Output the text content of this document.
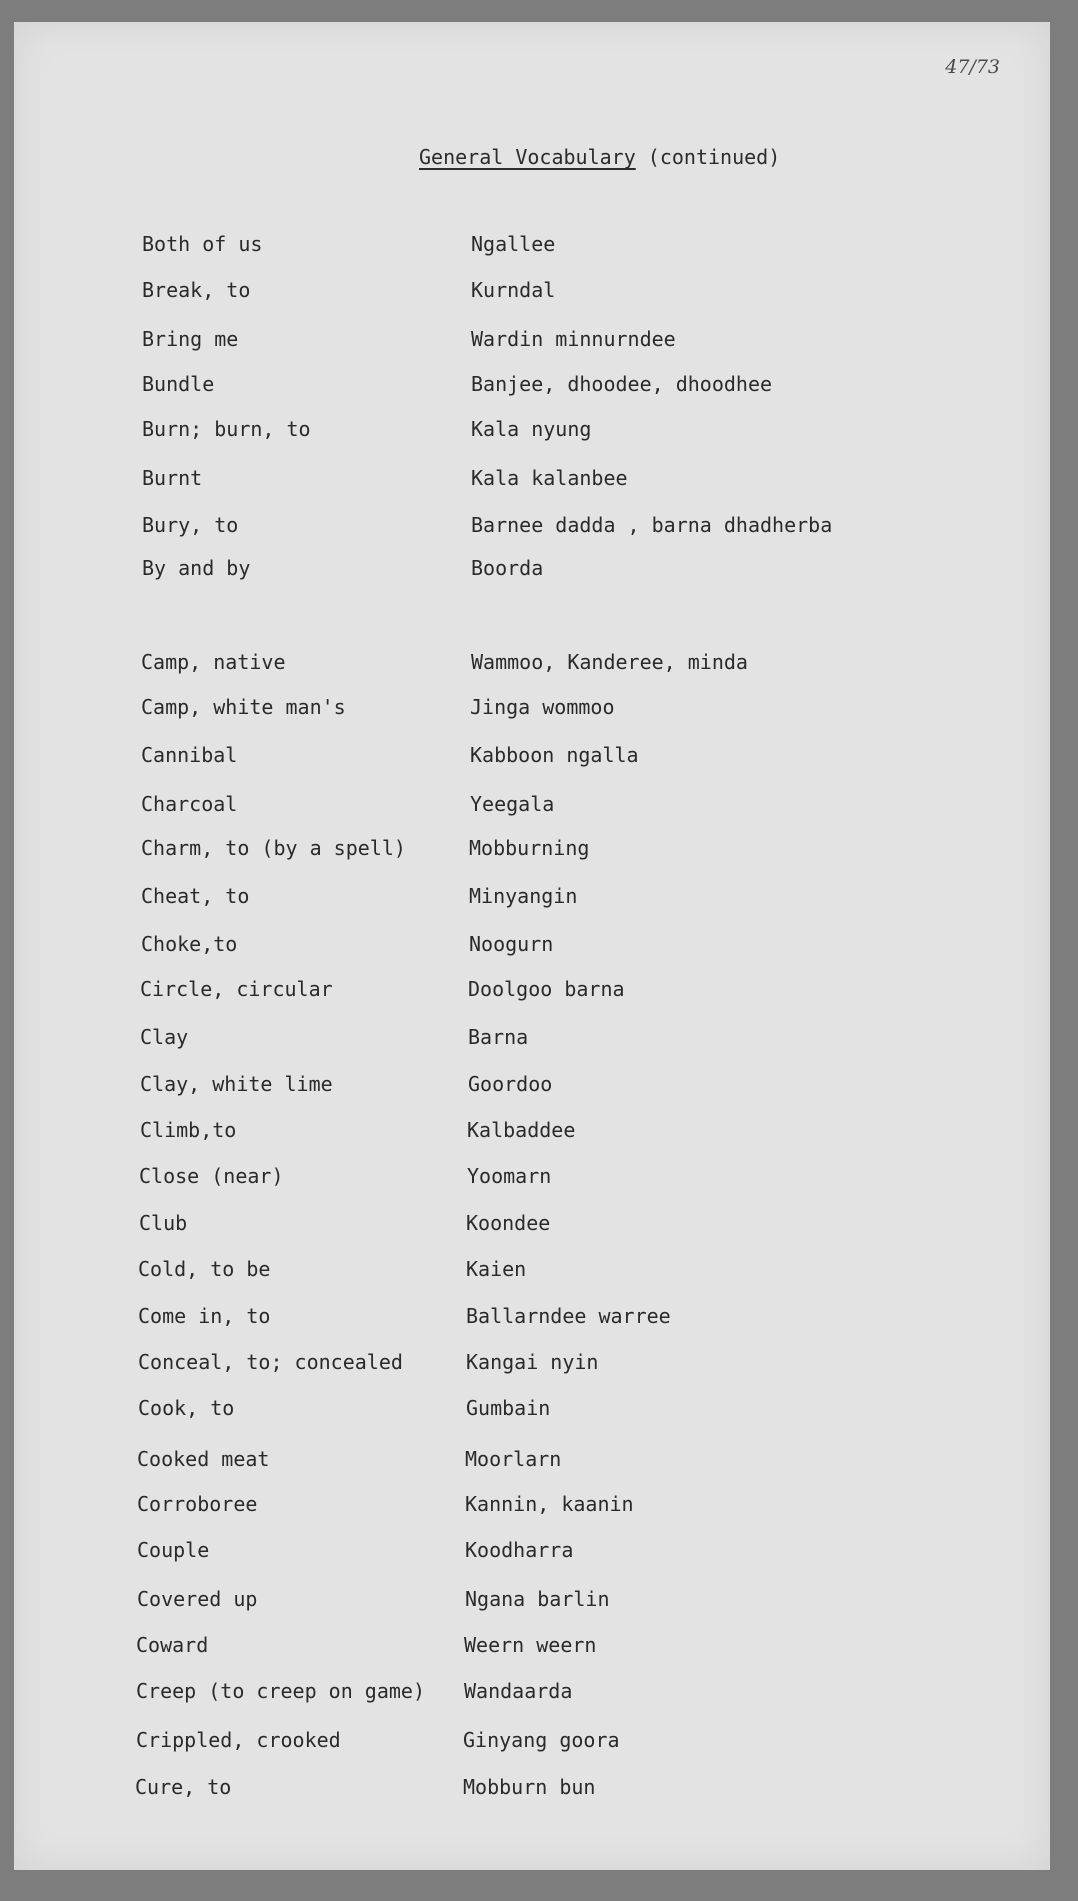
47/73
General Vocabulary (continued)
Both of us	Ngallee
Break, to	Kurndal
Bring me	Wardin minnurndee
Bundle	Banjee, dhoodee, dhoodhee
Burn; burn, to	Kala nyung
Burnt	Kala kalanbee
Bury, to	Barnee dadda , barna dhadherba
By and by	Boorda
Camp, native	Wammoo, Kanderee, minda
Camp, white man's	Jinga wommoo
Cannibal	Kabboon ngalla
Charcoal	Yeegala
Charm, to (by a spell)	Mobburning
Cheat, to	Minyangin
Choke,to	Noogurn
Circle, circular	Doolgoo barna
Clay	Barna
Clay, white lime	Goordoo
Climb,to	Kalbaddee
Close (near)	Yoomarn
Club	Koondee
Cold, to be	Kaien
Come in, to	Ballarndee warree
Conceal, to; concealed	Kangai nyin
Cook, to	Gumbain
Cooked meat	Moorlarn
Corroboree	Kannin, kaanin
Couple	Koodharra
Covered up	Ngana barlin
Coward	Weern weern
Creep (to creep on game) Wandaarda
Crippled, crooked	Ginyang goora
Cure, to	Mobburn bun
